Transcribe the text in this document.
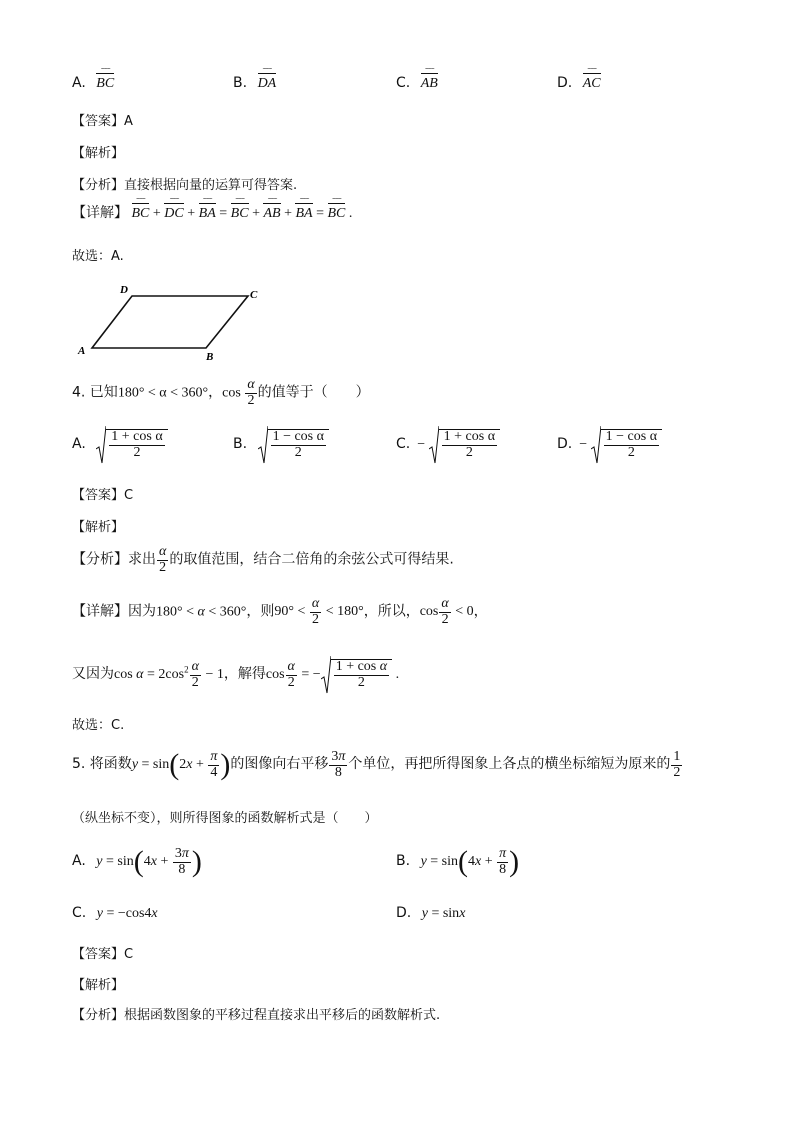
A. BC ⌣⌣⌣	B. DA ⌣⌣⌣	C. AB ⌣⌣⌣	D. AC ⌣⌣⌣
【答案】A
【解析】
【分析】直接根据向量的运算可得答案.
【详解】 BC ⌣⌣⌣ + DC ⌣⌣⌣ + BA ⌣⌣⌣ = BC ⌣⌣⌣ + AB ⌣⌣⌣ + BA ⌣⌣⌣ = BC ⌣⌣⌣ .
故选：A.
A	B
C
D
4. 已知180° < α < 360°，$\cos \frac{\alpha}{2}$ 的值等于（　　）
A. $\frac{\text{1 + cos α}}{2}$	B. $\frac{\text{1 − cos α}}{2}$	C. − $\frac{\text{1 + cos α}}{2}$	D. − $\frac{\text{1 − cos α}}{2}$
【答案】C
【解析】
【分析】求出 $\frac{\alpha}{2}$ 的取值范围，结合二倍角的余弦公式可得结果.
【详解】因为180° < α < 360°，则$90^\circ < \frac{\alpha}{2} < 180^\circ$，所以，$\cos \frac{\alpha}{2} < 0$，
又因为$\cos \alpha = 2\cos^2 \frac{\alpha}{2} - 1$，解得$\cos \frac{\alpha}{2}$ = − $\frac{\text{1 + cos α}}{2}$ .
故选：C.
5. 将函数$y = \sin(2x + \frac{\pi}{4}$ )的图像向右平移 $\frac{3\pi}{8}$ 个单位，再把所得图象上各点的横坐标缩短为原来的 $\frac{1}{2}$
（纵坐标不变），则所得图象的函数解析式是（　　）
A. $y = \sin(4x + \frac{3\pi}{8}$ )	B. $y = \sin(4x + \frac{\pi}{8}$ )
C. y = −cos4x	D. y = sinx
【答案】C
【解析】
【分析】根据函数图象的平移过程直接求出平移后的函数解析式.
